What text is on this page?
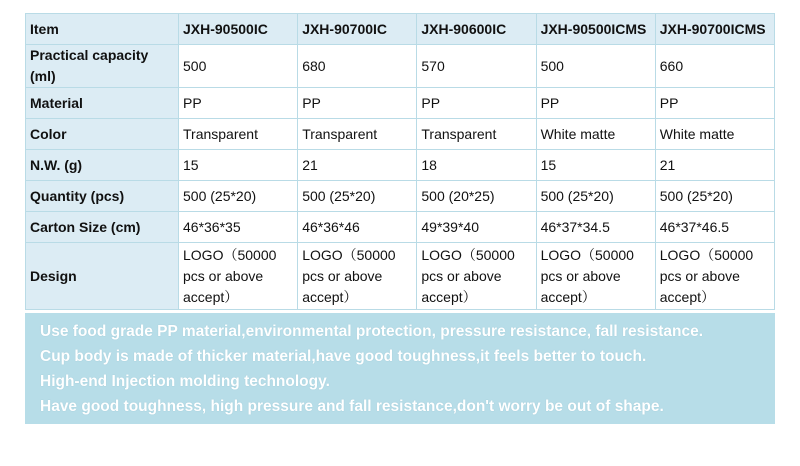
Item	JXH-90500IC	JXH-90700IC	JXH-90600IC	JXH-90500ICMS	JXH-90700ICMS
Practical capacity (ml)	500	680	570	500	660
Material	PP	PP	PP	PP	PP
Color	Transparent	Transparent	Transparent	White matte	White matte
N.W. (g)	15	21	18	15	21
Quantity (pcs)	500 (25*20)	500 (25*20)	500 (20*25)	500 (25*20)	500 (25*20)
Carton Size (cm)	46*36*35	46*36*46	49*39*40	46*37*34.5	46*37*46.5
Design	LOGO（50000 pcs or above accept）	LOGO（50000 pcs or above accept）	LOGO（50000 pcs or above accept）	LOGO（50000 pcs or above accept）	LOGO（50000 pcs or above accept）

Use food grade PP material,environmental protection, pressure resistance, fall resistance.

Cup body is made of thicker material,have good toughness,it feels better to touch.

High-end Injection molding technology.

Have good toughness, high pressure and fall resistance,don't worry be out of shape.
